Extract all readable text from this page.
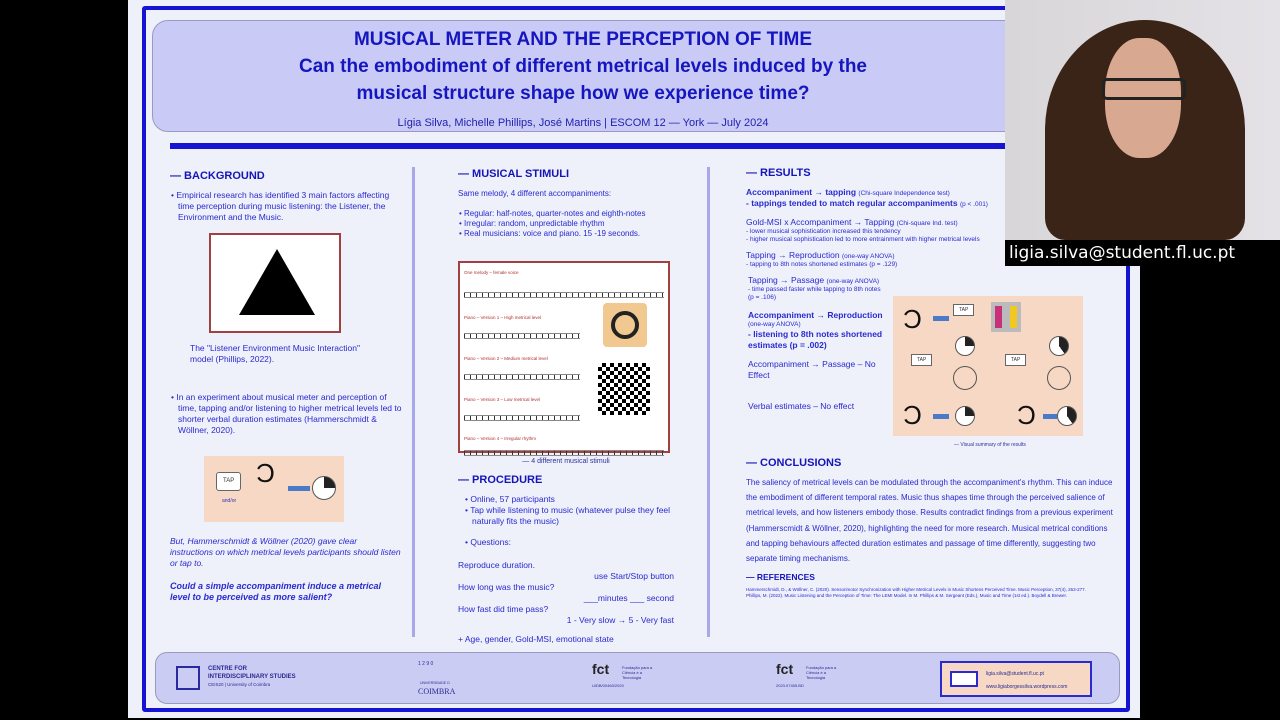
MUSICAL METER AND THE PERCEPTION OF TIME
Can the embodiment of different metrical levels induced by the
musical structure shape how we experience time?
Lígia Silva, Michelle Phillips, José Martins | ESCOM 12 — York — July 2024
— BACKGROUND
• Empirical research has identified 3 main factors affecting time perception during music listening: the Listener, the Environment and the Music.
The "Listener Environment Music Interaction" model (Phillips, 2022).
• In an experiment about musical meter and perception of time, tapping and/or listening to higher metrical levels led to shorter verbal duration estimates (Hammerschmidt & Wöllner, 2020).
TAP
and/or
Ɔ
But, Hammerschmidt & Wöllner (2020) gave clear instructions on which metrical levels participants should listen or tap to.
Could a simple accompaniment induce a metrical level to be perceived as more salient?
— MUSICAL STIMULI
Same melody, 4 different accompaniments:
• Regular: half-notes, quarter-notes and eighth-notes
• Irregular: random, unpredictable rhythm
• Real musicians: voice and piano. 15 -19 seconds.
One melody – female voice
Piano – Version 1 – High metrical level
Piano – Version 2 – Medium metrical level
Piano – Version 3 – Low metrical level
Piano – Version 4 – Irregular rhythm
— 4 different musical stimuli
— PROCEDURE
• Online, 57 participants
• Tap while listening to music (whatever pulse they feel naturally fits the music)
• Questions:
Reproduce duration.
use Start/Stop button
How long was the music?
___minutes ___ second
How fast did time pass?
1 - Very slow → 5 - Very fast
+ Age, gender, Gold-MSI, emotional state
— RESULTS
Accompaniment → tapping (Chi-square Independence test)
- tappings tended to match regular accompaniments (p < .001)
Gold-MSI x Accompaniment → Tapping (Chi-square Ind. test)
- lower musical sophistication increased this tendency
- higher musical sophistication led to more entrainment with higher metrical levels
Tapping → Reproduction (one-way ANOVA)
- tapping to 8th notes shortened estimates (p = .129)
Tapping → Passage (one-way ANOVA)
- time passed faster while tapping to 8th notes (p = .106)
Accompaniment → Reproduction
(one-way ANOVA)
- listening to 8th notes shortened estimates (p = .002)
Accompaniment → Passage – No Effect
Verbal estimates – No effect
Ɔ	TAP
TAP	TAP
Ɔ	Ɔ
— Visual summary of the results
— CONCLUSIONS
The saliency of metrical levels can be modulated through the accompaniment's rhythm. This can induce the embodiment of different temporal rates. Music thus shapes time through the perceived salience of metrical levels, and how listeners embody those. Results contradict findings from a previous experiment (Hammerscmidt & Wöllner, 2020), highlighting the need for more research. Musical metrical conditions and tapping behaviours affected duration estimates and passage of time differently, suggesting two separate timing mechanisms.
— REFERENCES
Hammerschmidt, D., & Wöllner, C. (2020). Sensorimotor Synchronization with Higher Metrical Levels in Music Shortens Perceived Time. Music Perception, 37(4), 263-277.
Phillips, M. (2022). Music Listening and the Perception of Time: The LEMI Model. In M. Phillips & M. Sergeant (Eds.), Music and Time (1st ed.). Boydell & Brewer.
CENTRE FOR
INTERDISCIPLINARY STUDIES
CEIS20 | University of Coimbra
1 2 9 0
UNIVERSIDADE D
COIMBRA
fct	Fundação para a Ciência e a Tecnologia
UIDB/00460/2020
fct	Fundação para a Ciência e a Tecnologia
2023.07455.BD
ligia.silva@student.fl.uc.pt
www.ligiaborgessilva.wordpress.com
ligia.silva@student.fl.uc.pt
